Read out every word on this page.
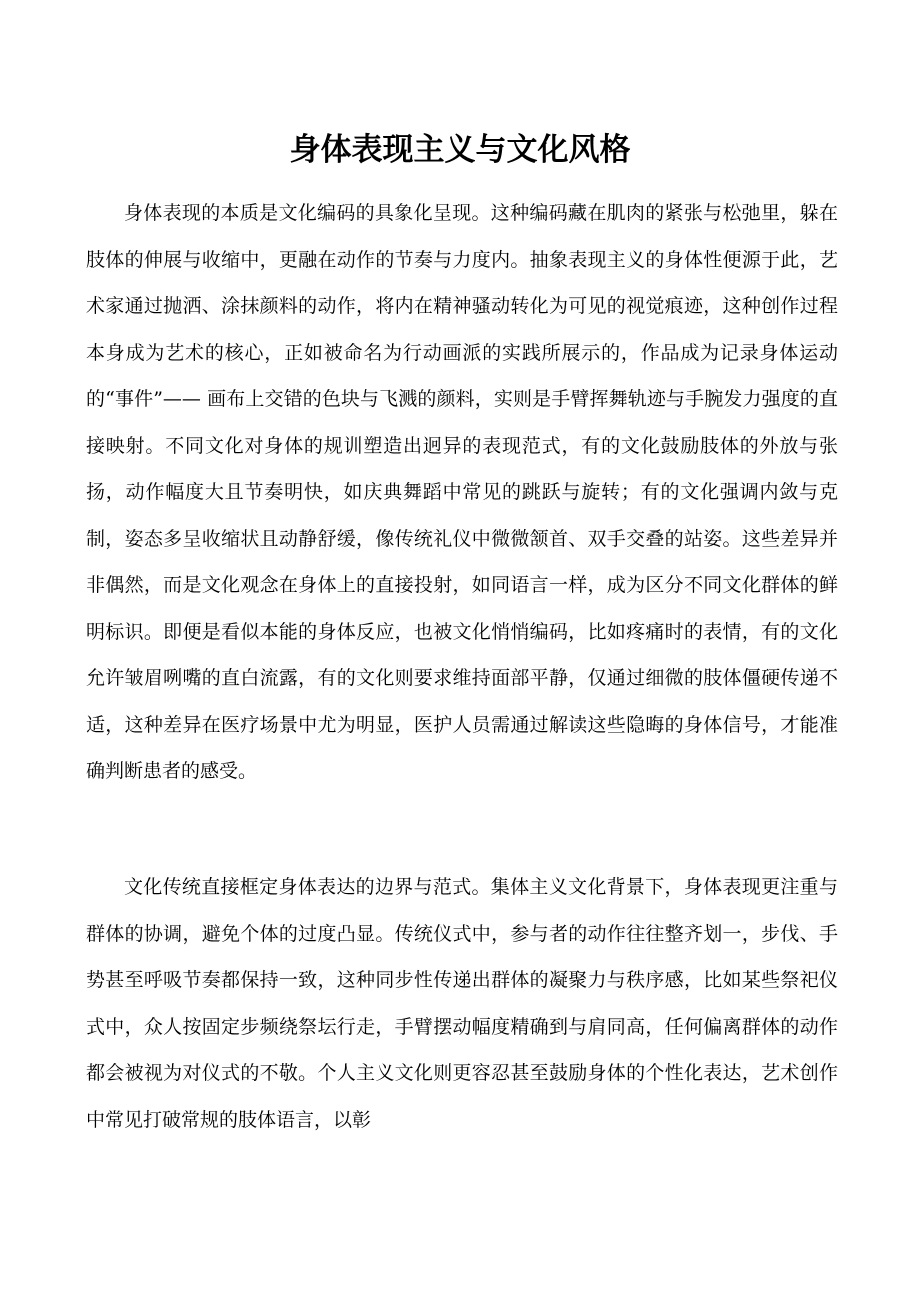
身体表现主义与文化风格

身体表现的本质是文化编码的具象化呈现。这种编码藏在肌肉的紧张与松弛里，躲在肢体的伸展与收缩中，更融在动作的节奏与力度内。抽象表现主义的身体性便源于此，艺术家通过抛洒、涂抹颜料的动作，将内在精神骚动转化为可见的视觉痕迹，这种创作过程本身成为艺术的核心，正如被命名为行动画派的实践所展示的，作品成为记录身体运动的“事件”—— 画布上交错的色块与飞溅的颜料，实则是手臂挥舞轨迹与手腕发力强度的直接映射。不同文化对身体的规训塑造出迥异的表现范式，有的文化鼓励肢体的外放与张扬，动作幅度大且节奏明快，如庆典舞蹈中常见的跳跃与旋转；有的文化强调内敛与克制，姿态多呈收缩状且动静舒缓，像传统礼仪中微微颔首、双手交叠的站姿。这些差异并非偶然，而是文化观念在身体上的直接投射，如同语言一样，成为区分不同文化群体的鲜明标识。即便是看似本能的身体反应，也被文化悄悄编码，比如疼痛时的表情，有的文化允许皱眉咧嘴的直白流露，有的文化则要求维持面部平静，仅通过细微的肢体僵硬传递不适，这种差异在医疗场景中尤为明显，医护人员需通过解读这些隐晦的身体信号，才能准确判断患者的感受。

文化传统直接框定身体表达的边界与范式。集体主义文化背景下，身体表现更注重与群体的协调，避免个体的过度凸显。传统仪式中，参与者的动作往往整齐划一，步伐、手势甚至呼吸节奏都保持一致，这种同步性传递出群体的凝聚力与秩序感，比如某些祭祀仪式中，众人按固定步频绕祭坛行走，手臂摆动幅度精确到与肩同高，任何偏离群体的动作都会被视为对仪式的不敬。个人主义文化则更容忍甚至鼓励身体的个性化表达，艺术创作中常见打破常规的肢体语言，以彰
